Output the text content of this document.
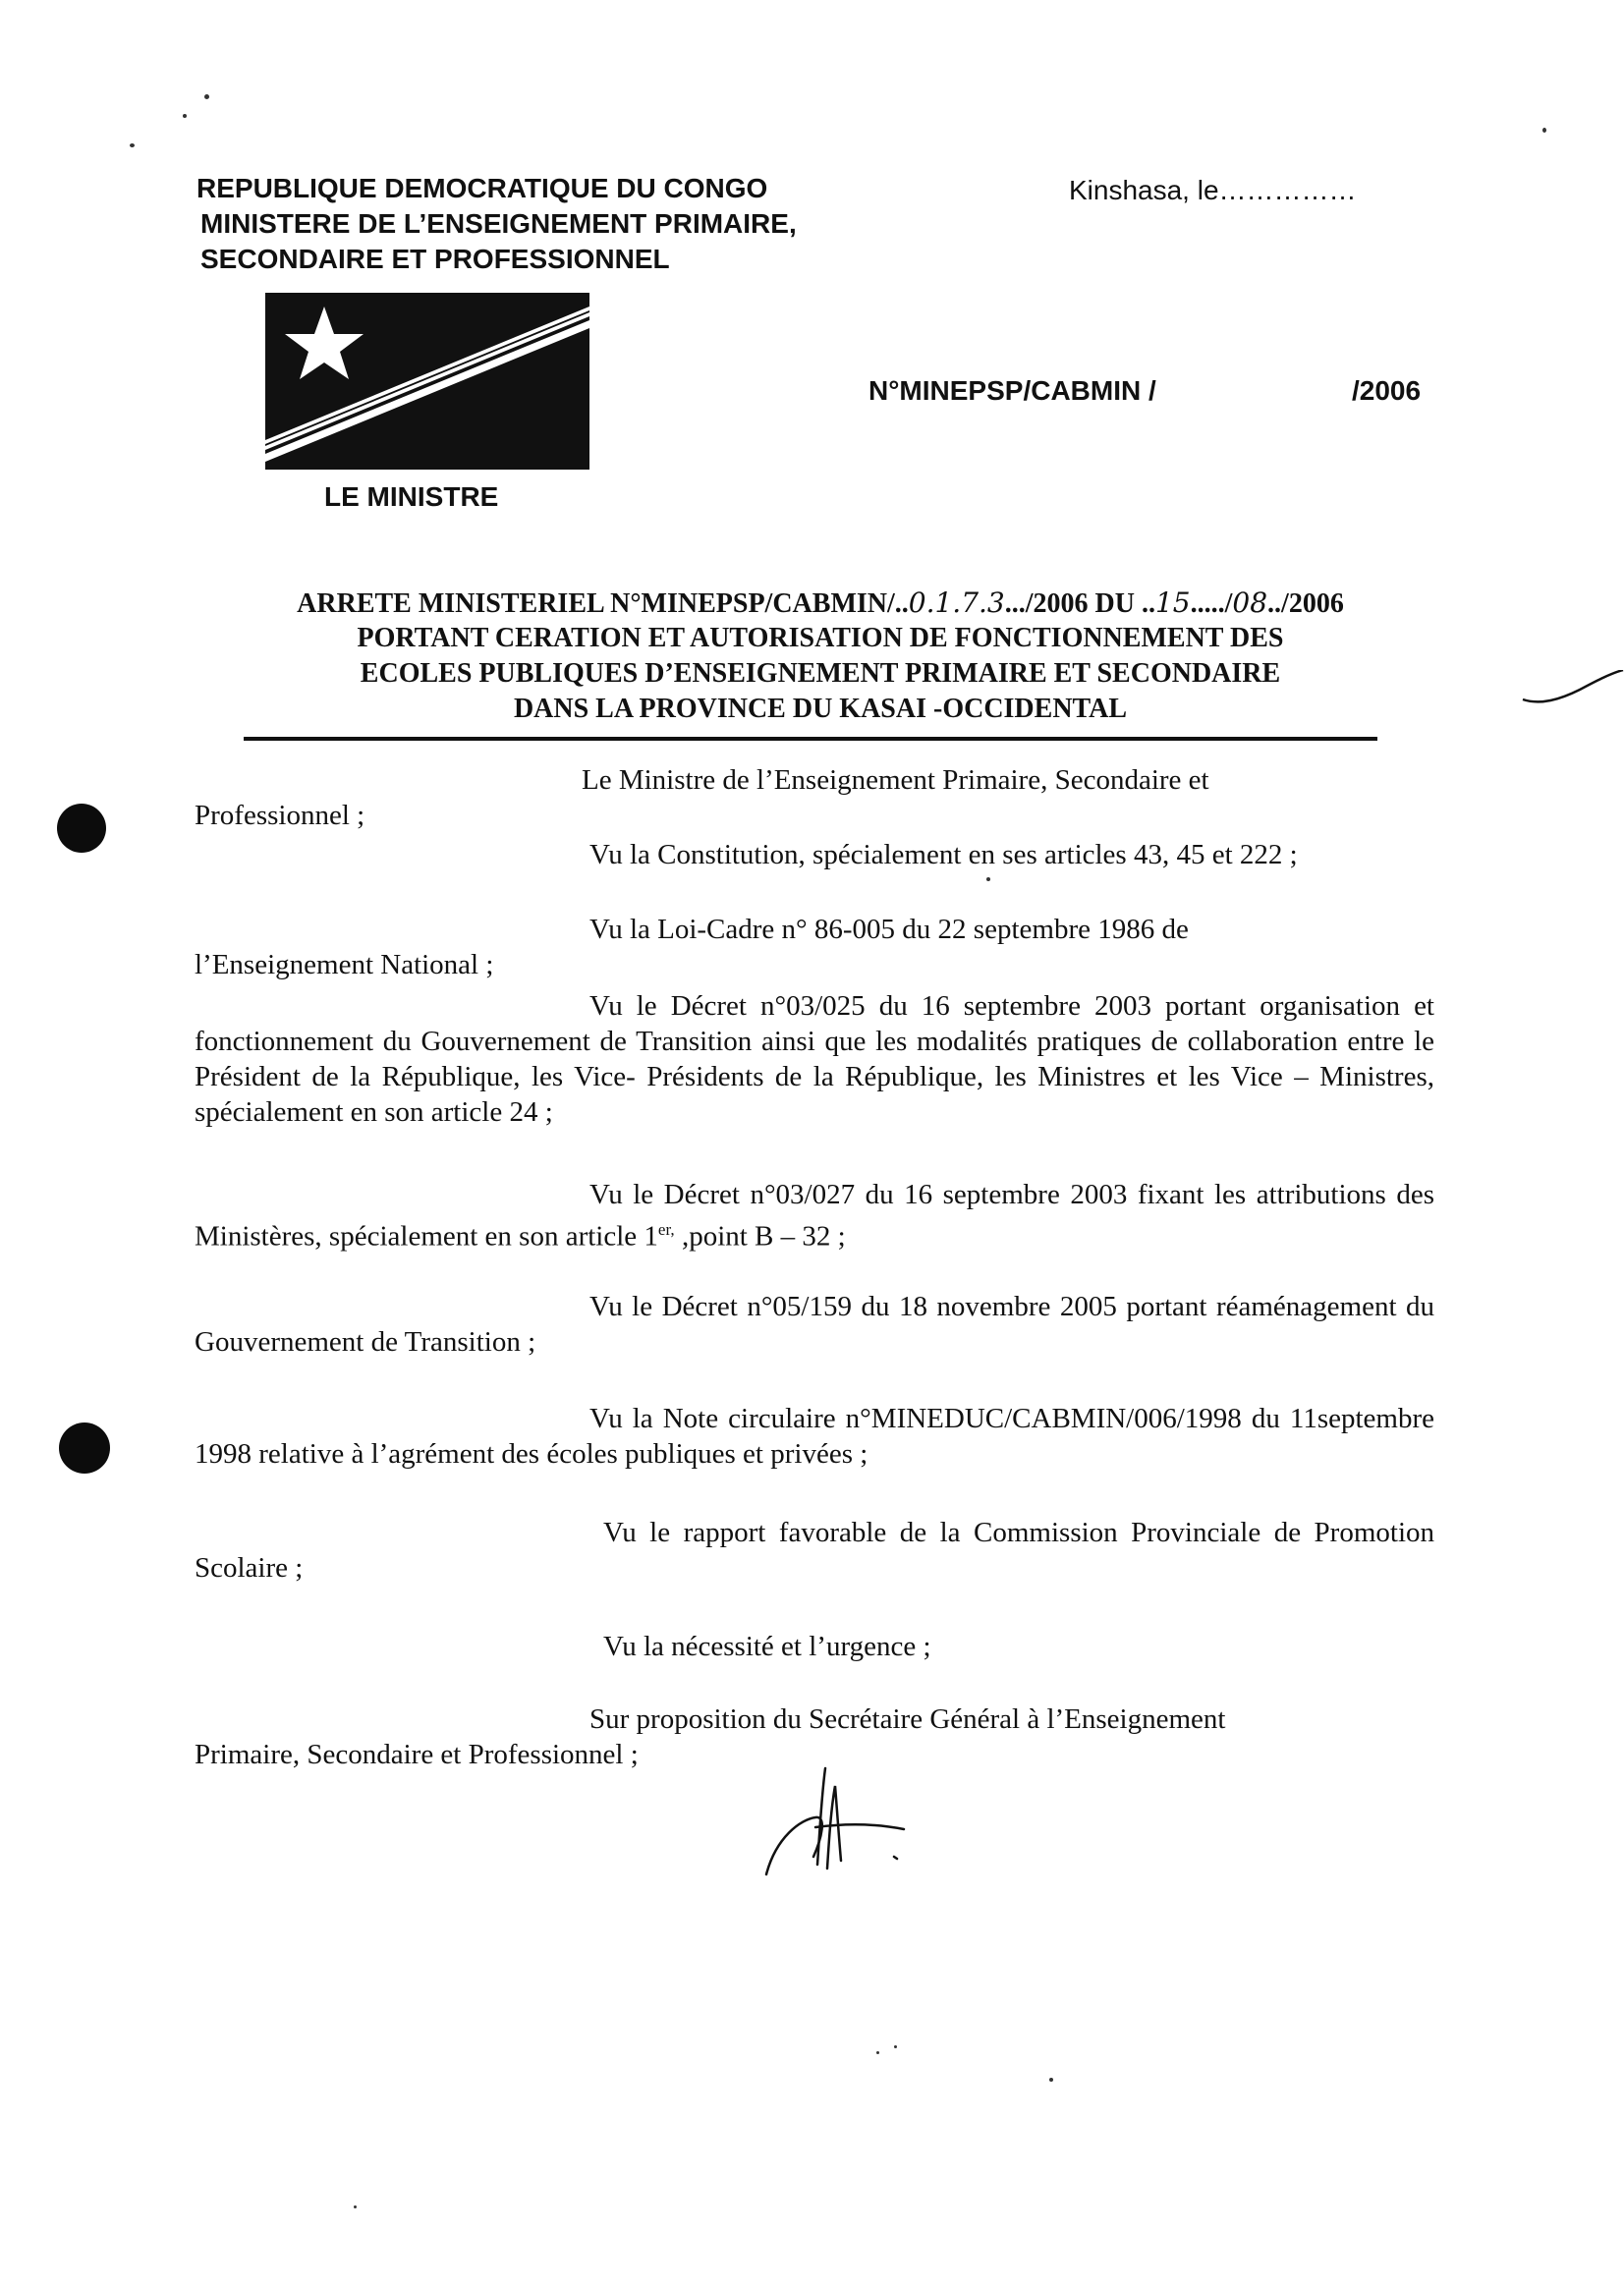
REPUBLIQUE DEMOCRATIQUE DU CONGO
MINISTERE DE L’ENSEIGNEMENT PRIMAIRE,
SECONDAIRE ET PROFESSIONNEL
Kinshasa, le……………
N°MINEPSP/CABMIN /	/2006
LE MINISTRE
ARRETE MINISTERIEL N°MINEPSP/CABMIN/..0.1.7.3.../2006 DU ..15...../08../2006
PORTANT CERATION ET AUTORISATION DE FONCTIONNEMENT DES
ECOLES PUBLIQUES D’ENSEIGNEMENT PRIMAIRE ET SECONDAIRE
DANS LA PROVINCE DU KASAI -OCCIDENTAL

Le Ministre de l’Enseignement Primaire, Secondaire et

Professionnel ;

Vu la Constitution, spécialement en ses articles 43, 45 et 222 ;

Vu la Loi-Cadre n° 86-005 du 22 septembre 1986 de

l’Enseignement National ;

Vu le Décret n°03/025 du 16 septembre 2003 portant organisation et fonctionnement du Gouvernement de Transition ainsi que les modalités pratiques de collaboration entre le Président de la République, les Vice- Présidents de la République, les Ministres et les Vice – Ministres, spécialement en son article 24 ;
Vu le Décret n°03/027 du 16 septembre 2003 fixant les attributions des Ministères, spécialement en son article $1^{er,}$ ,point B – 32 ;
Vu le Décret n°05/159 du 18 novembre 2005 portant réaménagement du Gouvernement de Transition ;
Vu la Note circulaire n°MINEDUC/CABMIN/006/1998 du 11septembre 1998 relative à l’agrément des écoles publiques et privées ;
Vu le rapport favorable de la Commission Provinciale de Promotion Scolaire ;
Vu la nécessité et l’urgence ;

Sur proposition du Secrétaire Général à l’Enseignement

Primaire, Secondaire et Professionnel ;
